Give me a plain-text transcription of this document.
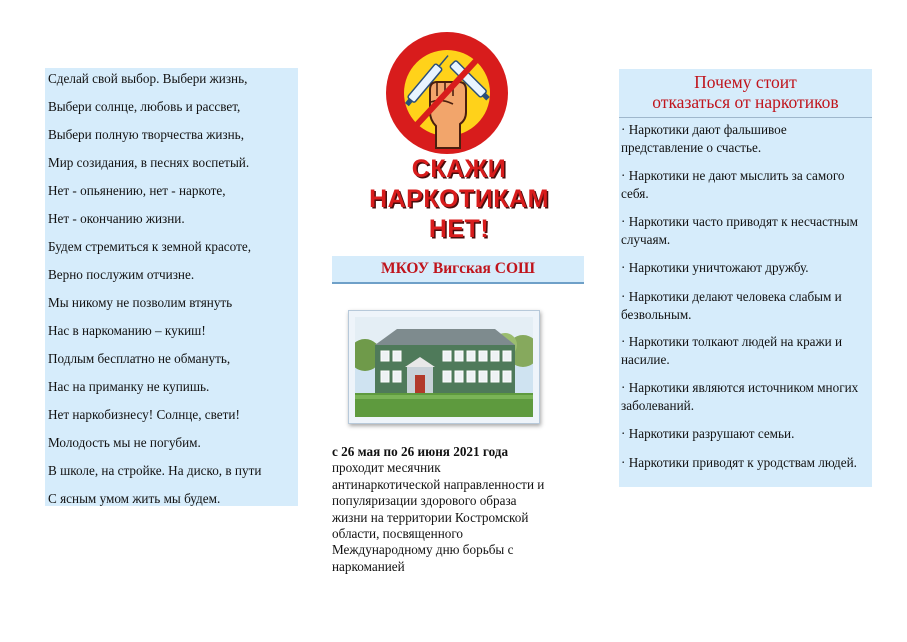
Сделай свой выбор. Выбери жизнь,
Выбери солнце, любовь и рассвет,
Выбери полную творчества жизнь,
Мир созидания, в песнях воспетый.
Нет - опьянению, нет - наркоте,
Нет - окончанию жизни.
Будем стремиться к земной красоте,
Верно послужим отчизне.
Мы никому не позволим втянуть
Нас в наркоманию – кукиш!
Подлым бесплатно не обмануть,
Нас на приманку не купишь.
Нет наркобизнесу! Солнце, свети!
Молодость мы не погубим.
В школе, на стройке. На диско, в пути
С ясным умом жить мы будем.
СКАЖИ
НАРКОТИКАМ
НЕТ!
МКОУ Вигская СОШ
с 26 мая по 26 июня 2021 года
проходит месячник
антинаркотической направленности и
популяризации здорового образа
жизни на территории Костромской
области, посвященного
Международному дню борьбы с
наркоманией
Почему стоит
отказаться от наркотиков
· Наркотики дают фальшивое представление о счастье.
· Наркотики не дают мыслить за самого себя.
· Наркотики часто приводят к несчастным случаям.
· Наркотики уничтожают дружбу.
· Наркотики делают человека слабым и безвольным.
· Наркотики толкают людей на кражи и насилие.
· Наркотики являются источником многих заболеваний.
· Наркотики разрушают семьи.
· Наркотики приводят к уродствам людей.
